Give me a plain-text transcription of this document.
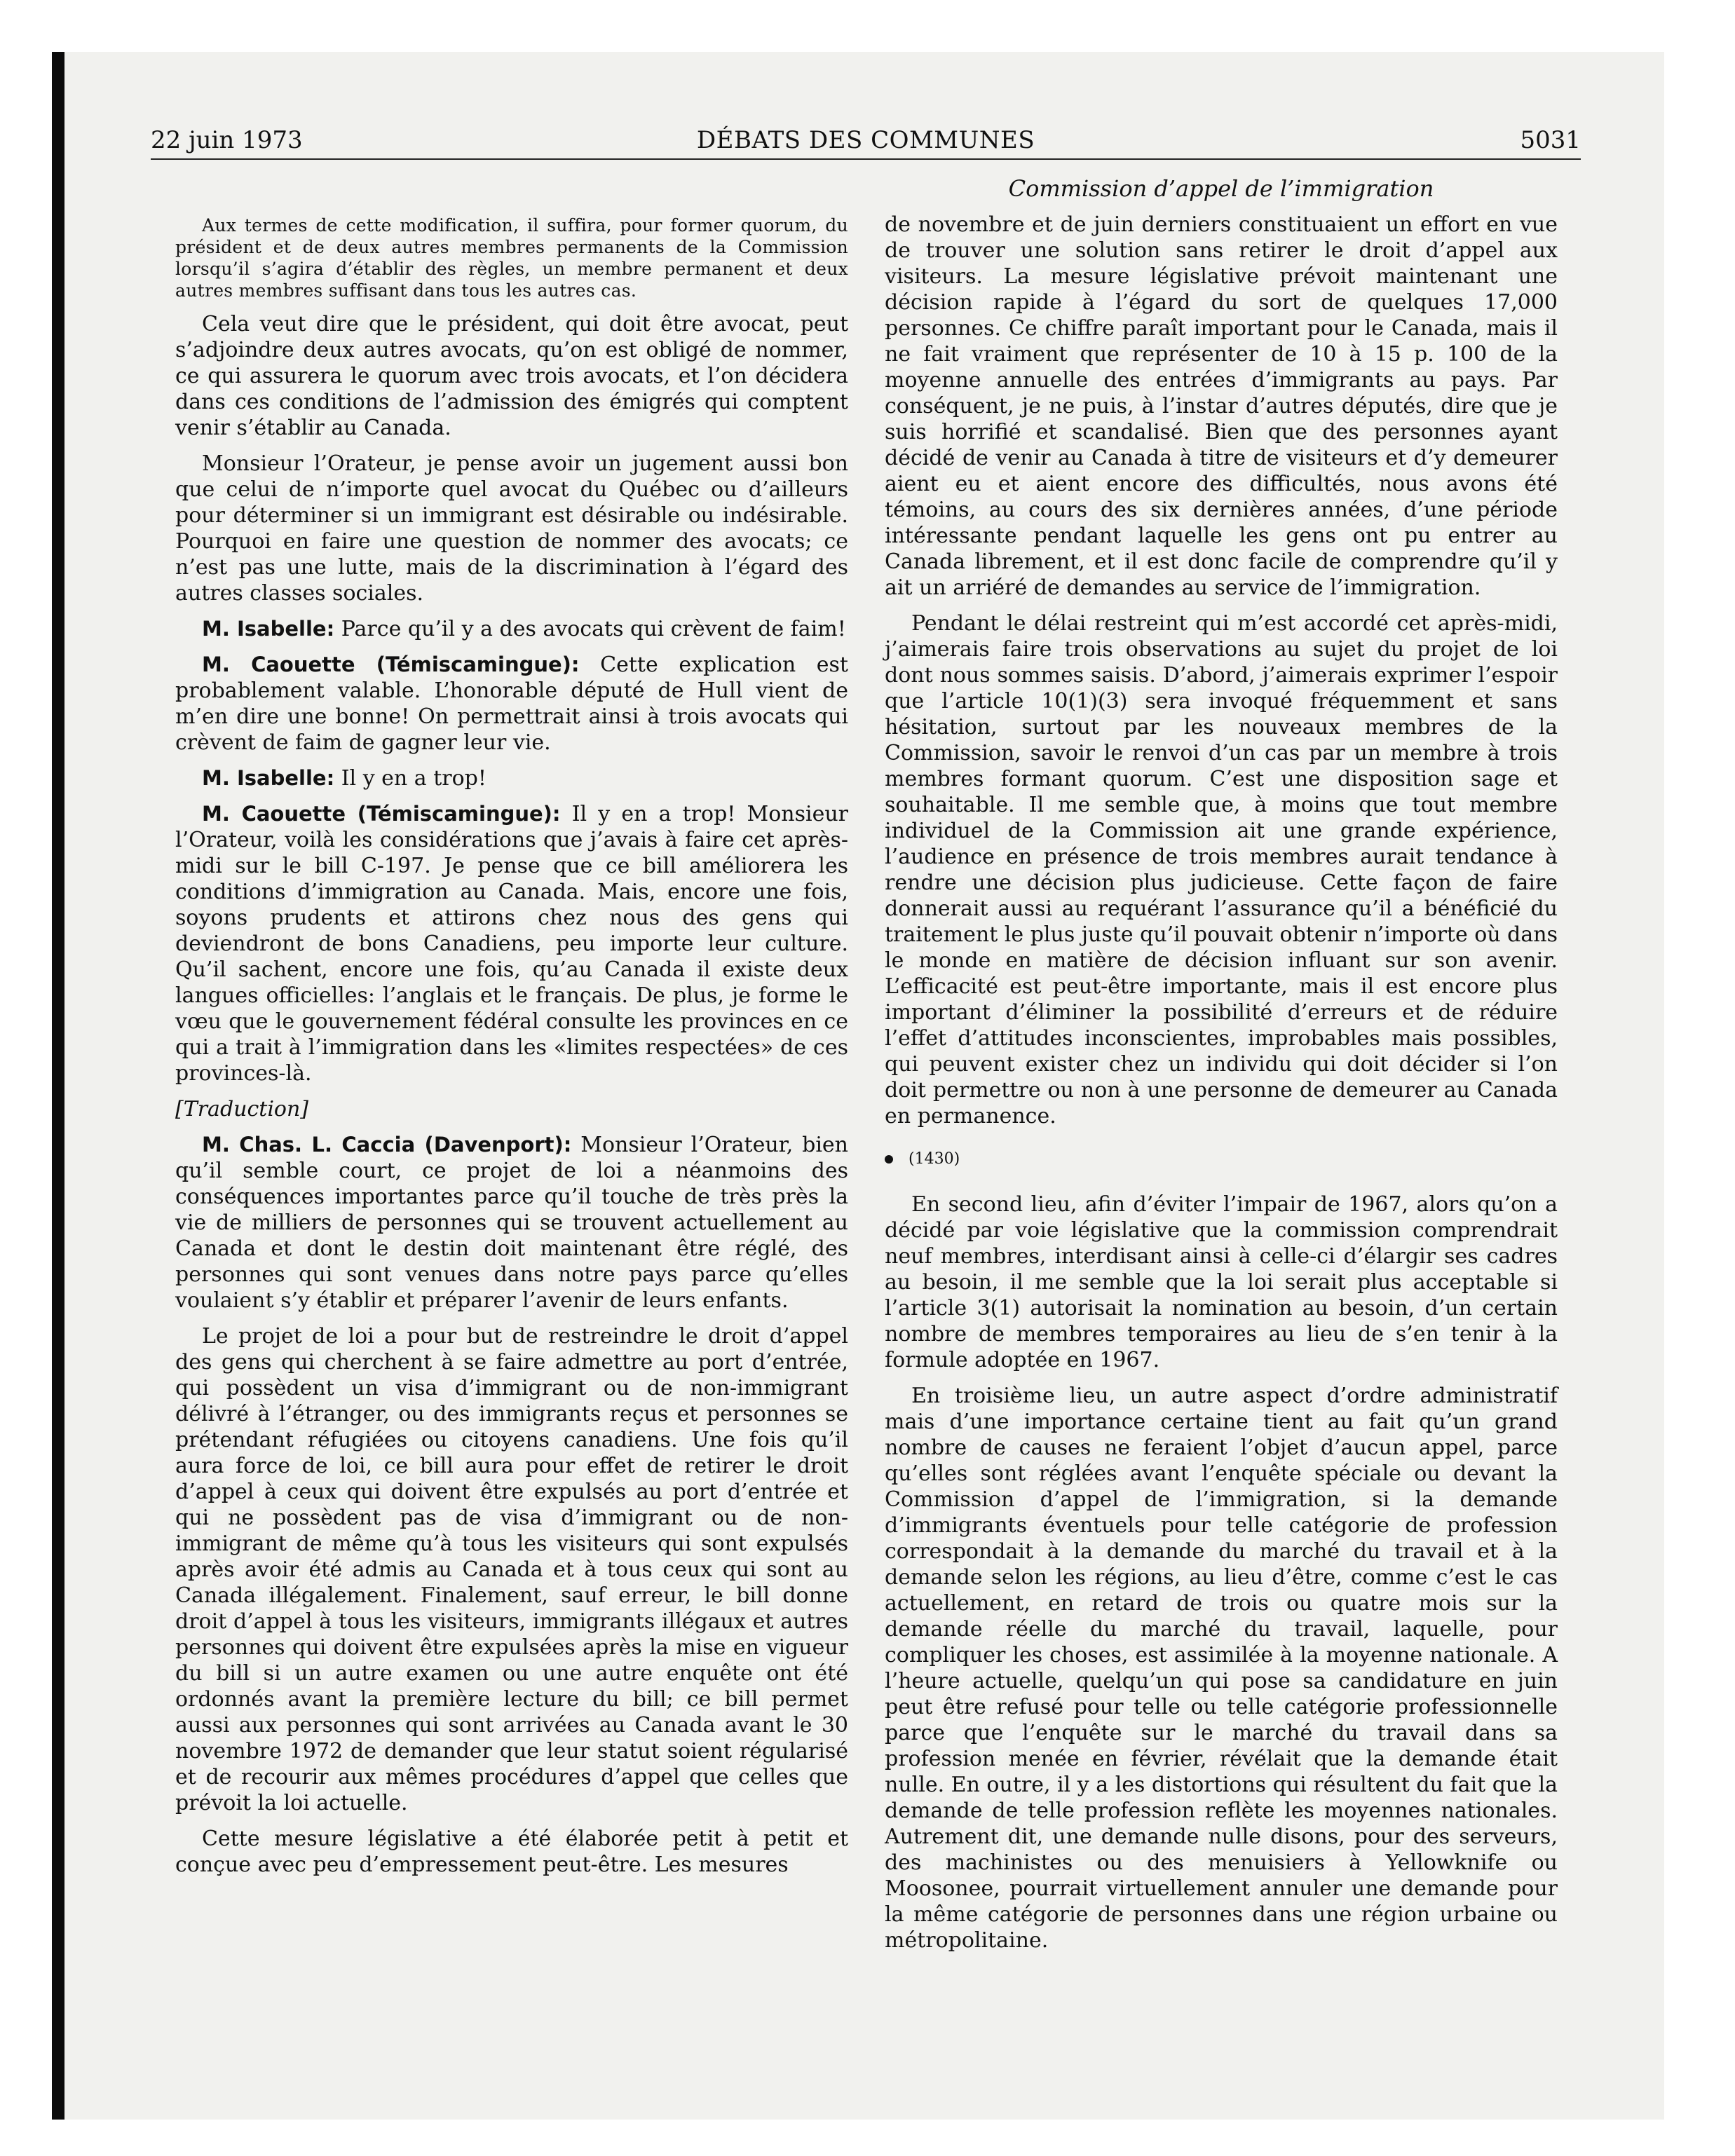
22 juin 1973	DÉBATS DES COMMUNES	5031

Aux termes de cette modification, il suffira, pour former quorum, du président et de deux autres membres permanents de la Commission lorsqu’il s’agira d’établir des règles, un membre permanent et deux autres membres suffisant dans tous les autres cas.

Cela veut dire que le président, qui doit être avocat, peut s’adjoindre deux autres avocats, qu’on est obligé de nommer, ce qui assurera le quorum avec trois avocats, et l’on décidera dans ces conditions de l’admission des émigrés qui comptent venir s’établir au Canada.

Monsieur l’Orateur, je pense avoir un jugement aussi bon que celui de n’importe quel avocat du Québec ou d’ailleurs pour déterminer si un immigrant est désirable ou indésirable. Pourquoi en faire une question de nommer des avocats; ce n’est pas une lutte, mais de la discrimination à l’égard des autres classes sociales.

M. Isabelle: Parce qu’il y a des avocats qui crèvent de faim!

M. Caouette (Témiscamingue): Cette explication est probablement valable. L’honorable député de Hull vient de m’en dire une bonne! On permettrait ainsi à trois avocats qui crèvent de faim de gagner leur vie.

M. Isabelle: Il y en a trop!

M. Caouette (Témiscamingue): Il y en a trop! Monsieur l’Orateur, voilà les considérations que j’avais à faire cet après-midi sur le bill C-197. Je pense que ce bill améliorera les conditions d’immigration au Canada. Mais, encore une fois, soyons prudents et attirons chez nous des gens qui deviendront de bons Canadiens, peu importe leur culture. Qu’il sachent, encore une fois, qu’au Canada il existe deux langues officielles: l’anglais et le français. De plus, je forme le vœu que le gouvernement fédéral consulte les provinces en ce qui a trait à l’immigration dans les «limites respectées» de ces provinces-là.

[Traduction]

M. Chas. L. Caccia (Davenport): Monsieur l’Orateur, bien qu’il semble court, ce projet de loi a néanmoins des conséquences importantes parce qu’il touche de très près la vie de milliers de personnes qui se trouvent actuellement au Canada et dont le destin doit maintenant être réglé, des personnes qui sont venues dans notre pays parce qu’elles voulaient s’y établir et préparer l’avenir de leurs enfants.

Le projet de loi a pour but de restreindre le droit d’appel des gens qui cherchent à se faire admettre au port d’entrée, qui possèdent un visa d’immigrant ou de non-immigrant délivré à l’étranger, ou des immigrants reçus et personnes se prétendant réfugiées ou citoyens canadiens. Une fois qu’il aura force de loi, ce bill aura pour effet de retirer le droit d’appel à ceux qui doivent être expulsés au port d’entrée et qui ne possèdent pas de visa d’immigrant ou de non-immigrant de même qu’à tous les visiteurs qui sont expulsés après avoir été admis au Canada et à tous ceux qui sont au Canada illégalement. Finalement, sauf erreur, le bill donne droit d’appel à tous les visiteurs, immigrants illégaux et autres personnes qui doivent être expulsées après la mise en vigueur du bill si un autre examen ou une autre enquête ont été ordonnés avant la première lecture du bill; ce bill permet aussi aux personnes qui sont arrivées au Canada avant le 30 novembre 1972 de demander que leur statut soient régularisé et de recourir aux mêmes procédures d’appel que celles que prévoit la loi actuelle.

Cette mesure législative a été élaborée petit à petit et conçue avec peu d’empressement peut-être. Les mesures

Commission d’appel de l’immigration

de novembre et de juin derniers constituaient un effort en vue de trouver une solution sans retirer le droit d’appel aux visiteurs. La mesure législative prévoit maintenant une décision rapide à l’égard du sort de quelques 17,000 personnes. Ce chiffre paraît important pour le Canada, mais il ne fait vraiment que représenter de 10 à 15 p. 100 de la moyenne annuelle des entrées d’immigrants au pays. Par conséquent, je ne puis, à l’instar d’autres députés, dire que je suis horrifié et scandalisé. Bien que des personnes ayant décidé de venir au Canada à titre de visiteurs et d’y demeurer aient eu et aient encore des difficultés, nous avons été témoins, au cours des six dernières années, d’une période intéressante pendant laquelle les gens ont pu entrer au Canada librement, et il est donc facile de comprendre qu’il y ait un arriéré de demandes au service de l’immigration.

Pendant le délai restreint qui m’est accordé cet après-midi, j’aimerais faire trois observations au sujet du projet de loi dont nous sommes saisis. D’abord, j’aimerais exprimer l’espoir que l’article 10(1)(3) sera invoqué fréquemment et sans hésitation, surtout par les nouveaux membres de la Commission, savoir le renvoi d’un cas par un membre à trois membres formant quorum. C’est une disposition sage et souhaitable. Il me semble que, à moins que tout membre individuel de la Commission ait une grande expérience, l’audience en présence de trois membres aurait tendance à rendre une décision plus judicieuse. Cette façon de faire donnerait aussi au requérant l’assurance qu’il a bénéficié du traitement le plus juste qu’il pouvait obtenir n’importe où dans le monde en matière de décision influant sur son avenir. L’efficacité est peut-être importante, mais il est encore plus important d’éliminer la possibilité d’erreurs et de réduire l’effet d’attitudes inconscientes, improbables mais possibles, qui peuvent exister chez un individu qui doit décider si l’on doit permettre ou non à une personne de demeurer au Canada en permanence.

(1430)

En second lieu, afin d’éviter l’impair de 1967, alors qu’on a décidé par voie législative que la commission comprendrait neuf membres, interdisant ainsi à celle-ci d’élargir ses cadres au besoin, il me semble que la loi serait plus acceptable si l’article 3(1) autorisait la nomination au besoin, d’un certain nombre de membres temporaires au lieu de s’en tenir à la formule adoptée en 1967.

En troisième lieu, un autre aspect d’ordre administratif mais d’une importance certaine tient au fait qu’un grand nombre de causes ne feraient l’objet d’aucun appel, parce qu’elles sont réglées avant l’enquête spéciale ou devant la Commission d’appel de l’immigration, si la demande d’immigrants éventuels pour telle catégorie de profession correspondait à la demande du marché du travail et à la demande selon les régions, au lieu d’être, comme c’est le cas actuellement, en retard de trois ou quatre mois sur la demande réelle du marché du travail, laquelle, pour compliquer les choses, est assimilée à la moyenne nationale. A l’heure actuelle, quelqu’un qui pose sa candidature en juin peut être refusé pour telle ou telle catégorie professionnelle parce que l’enquête sur le marché du travail dans sa profession menée en février, révélait que la demande était nulle. En outre, il y a les distortions qui résultent du fait que la demande de telle profession reflète les moyennes nationales. Autrement dit, une demande nulle disons, pour des serveurs, des machinistes ou des menuisiers à Yellowknife ou Moosonee, pourrait virtuellement annuler une demande pour la même catégorie de personnes dans une région urbaine ou métropolitaine.
